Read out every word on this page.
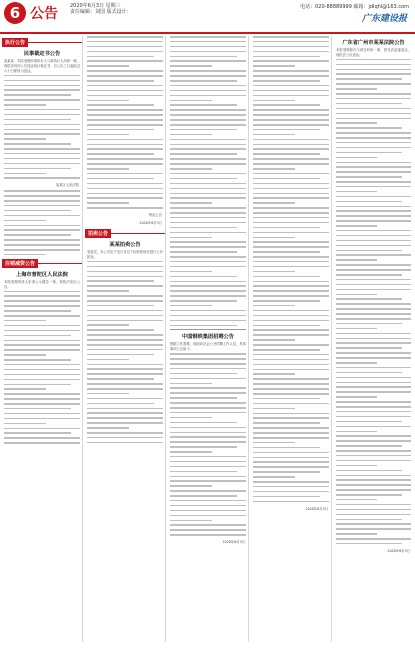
6 公告 2020年6月3日 星期三
责任编辑：刘国 版式设计：
电话：020-88889999 邮箱：jdlqhl@163.com
广东建设报
执行公告
民事裁定书公告
某某某：本院受理申请执行人与被执行人纠纷一案，现依法向你公告送达执行裁定书，自公告之日起经过六十日即视为送达。
某某区人民法院
注销减资公告
上海市普陀区人民法院
本院受理申请人申请公示催告一案，现依法发出公告。
特此公告
2020年6月3日
拍卖公告
某某拍卖公告
受委托，本公司定于近日对以下标的依现状进行公开拍卖。
中国钢铁集团招聘公告
根据工作需要，现面向社会公开招聘工作人员，具体事项公告如下。
2020年6月3日
2020年6月3日
广东省广州市某某法院公告
本院受理原告与被告纠纷一案，因无法直接送达，现依法公告送达。
2020年6月3日
